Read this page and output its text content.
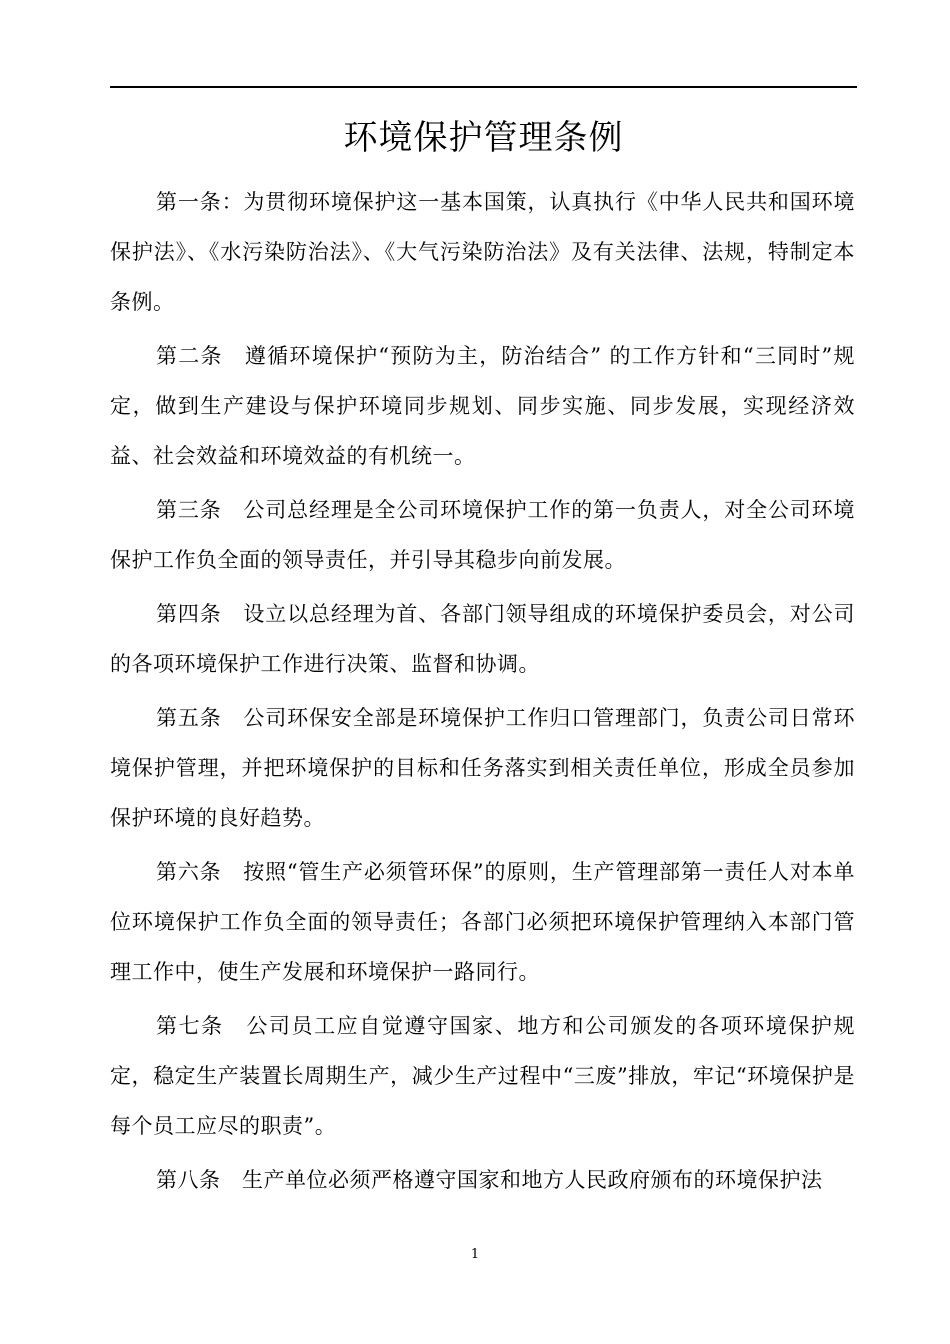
环境保护管理条例

第一条：为贯彻环境保护这一基本国策，认真执行《中华人民共和国环境保护法》、《水污染防治法》、《大气污染防治法》及有关法律、法规，特制定本条例。

第二条　遵循环境保护“预防为主，防治结合” 的工作方针和“三同时”规定，做到生产建设与保护环境同步规划、同步实施、同步发展，实现经济效益、社会效益和环境效益的有机统一。

第三条　公司总经理是全公司环境保护工作的第一负责人，对全公司环境保护工作负全面的领导责任，并引导其稳步向前发展。

第四条　设立以总经理为首、各部门领导组成的环境保护委员会，对公司的各项环境保护工作进行决策、监督和协调。

第五条　公司环保安全部是环境保护工作归口管理部门，负责公司日常环境保护管理，并把环境保护的目标和任务落实到相关责任单位，形成全员参加保护环境的良好趋势。

第六条　按照“管生产必须管环保”的原则，生产管理部第一责任人对本单位环境保护工作负全面的领导责任；各部门必须把环境保护管理纳入本部门管理工作中，使生产发展和环境保护一路同行。

第七条　公司员工应自觉遵守国家、地方和公司颁发的各项环境保护规定，稳定生产装置长周期生产，减少生产过程中“三废”排放，牢记“环境保护是每个员工应尽的职责”。

第八条　生产单位必须严格遵守国家和地方人民政府颁布的环境保护法

1
